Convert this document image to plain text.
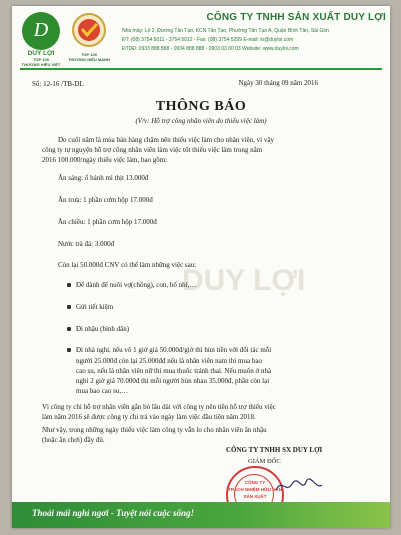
D
DUY LỢI
TOP 100
THƯƠNG HIỆU VIỆT
TOP 100
THƯƠNG HIỆU MẠNH
CÔNG TY TNHH SẢN XUẤT DUY LỢI
Nhà máy: Lô 2, Đường Tân Tạo, KCN Tân Tạo, Phường Tân Tạo A, Quận Bình Tân, Sài Gòn
ĐT: (08) 3754 5011 - 3754 5012 - Fax: (08) 3754 5299 E-mail: lo@duyloi.com
ĐTDĐ: 0933 888 888 - 0934 888 888 - 0903 03 00 03 Website: www.duyloi.com
DUY LỢI
Số: 12-16 /TB-DL	Ngày 30 tháng 09 năm 2016
THÔNG BÁO
(V/v: Hỗ trợ công nhân viên do thiếu việc làm)
Do cuối năm là mùa bán hàng chậm nên thiếu việc làm cho nhân viên, vì vậy
công ty tự nguyện hỗ trợ công nhân viên làm việc tốt thiếu việc làm trong năm
2016 100.000/ngày thiếu việc làm, bao gồm:
Ăn sáng: ổ bánh mì thịt 13.000đ
Ăn trưa: 1 phần cơm hộp 17.000đ
Ăn chiều: 1 phần cơm hộp 17.000đ
Nước trà đá: 3.000đ
Còn lại 50.000đ CNV có thể làm những việc sau:
Để dành để nuôi vợ(chồng), con, bố nhí,…
Gửi tiết kiệm
Đi nhậu (bình dân)
Đi nhà nghỉ, nếu vô 1 giờ giá 50.000đ/giờ thì hùn tiền với đối tác mỗi
người 25.000đ còn lại 25.000đđ nếu là nhân viên nam thì mua bao
cao su, nếu là nhân viên nữ thì mua thuốc tránh thai. Nếu muốn ở nhà
nghỉ 2 giờ giá 70.000đ thì mỗi người hùn nhau 35.000đ, phần còn lại
mua bao cao su,…
Vì công ty chỉ hỗ trợ nhân viên gắn bó lâu dài với công ty nên tiền hỗ trợ thiếu việc
làm năm 2016 sẽ được công ty chi trả vào ngày làm việc đầu tiên năm 2018.
Như vậy, trong những ngày thiếu việc làm công ty vẫn lo cho nhân viên ăn nhậu
(hoặc ăn chơi) đầy đủ.
CÔNG TY TNHH SX DUY LỢI
GIÁM ĐỐC
CÔNG TY
TRÁCH NHIỆM HỮU HẠN
SẢN XUẤT
Thoải mái nghỉ ngơi - Tuyệt nói cuộc sống!
